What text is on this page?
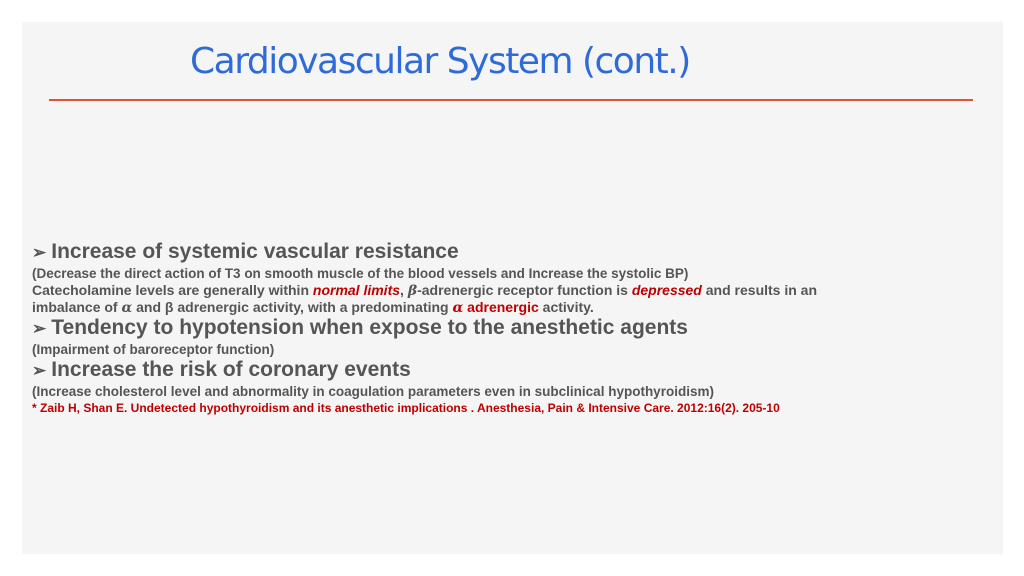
Cardiovascular System (cont.)
➢ Increase of systemic vascular resistance
(Decrease the direct action of T3 on smooth muscle of the blood vessels and Increase the systolic BP)
Catecholamine levels are generally within normal limits, β-adrenergic receptor function is depressed and results in an
imbalance of α and β adrenergic activity, with a predominating α adrenergic activity.
➢ Tendency to hypotension when expose to the anesthetic agents
(Impairment of baroreceptor function)
➢ Increase the risk of coronary events
(Increase cholesterol level and abnormality in coagulation parameters even in subclinical hypothyroidism)
* Zaib H, Shan E. Undetected hypothyroidism and its anesthetic implications . Anesthesia, Pain & Intensive Care. 2012:16(2). 205-10
